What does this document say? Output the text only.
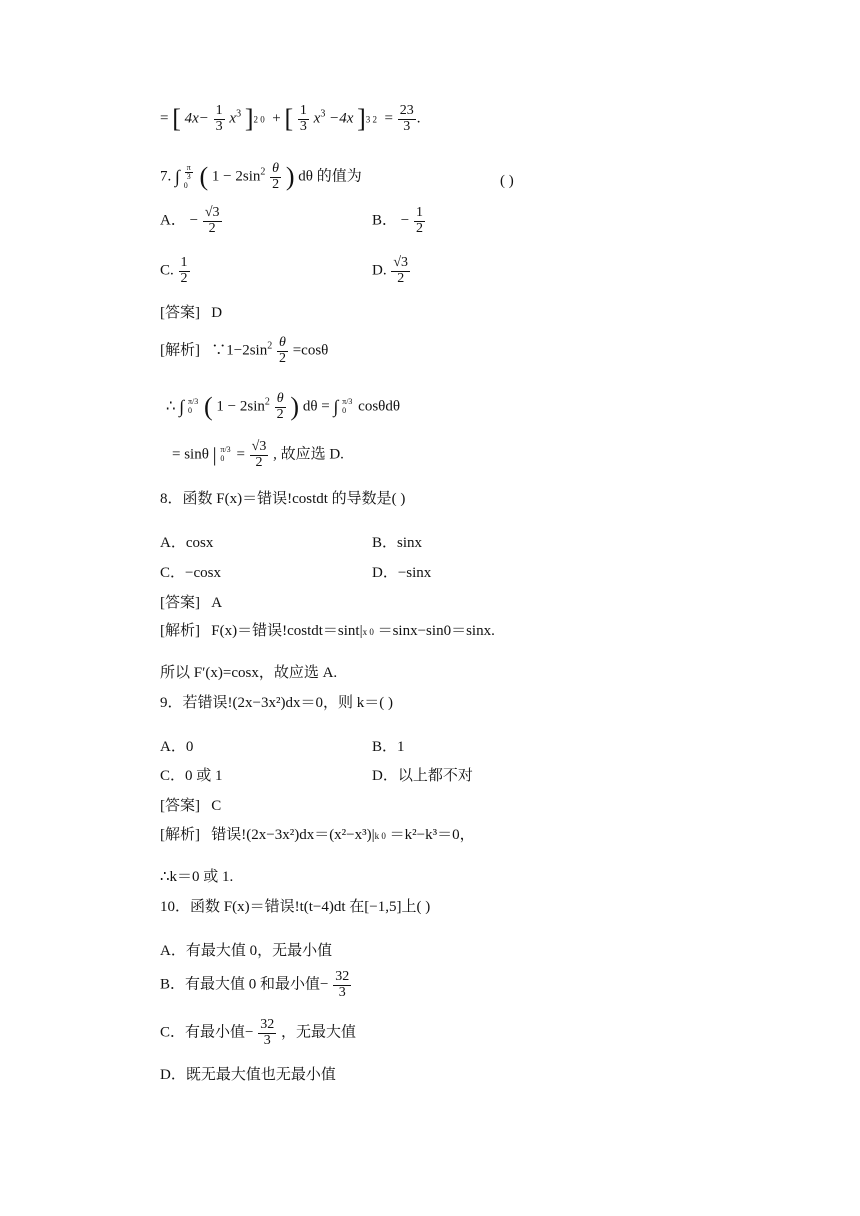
= [ $4x- \frac{1}{3} x^3$ ]2 0 + [ $\frac{1}{3} x^3 -4x$ ]3 $2 = \frac{23}{3}$ .
7. ∫ $\frac{\pi}{3}$
0 ( $1 - 2\sin^2 \frac{\theta}{2}$ ) dθ 的值为	( )
A． − $\frac{√3}{2}$	B． − $\frac{1}{2}$
C. $\frac{1}{2}$	D. $\frac{√3}{2}$
[答案] D
[解析] $\because 1-2\sin^2 \frac{\theta}{2} =\cos\theta$
∴ ∫ π/3
0 ( $1 - 2\sin^2 \frac{\theta}{2}$ ) dθ = ∫ π/3
0 cosθdθ
= sinθ | π/3
$0 = \frac{√3}{2}$ , 故应选 D.
8．函数 F(x)＝错误!costdt 的导数是( )
A．cosx	B．sinx
C．−cosx	D．−sinx
[答案] A
[解析] F(x)＝错误!costdt＝sint|x 0 ＝sinx−sin0＝sinx.
所以 F′(x)=cosx，故应选 A.
9．若错误!(2x−3x²)dx＝0，则 k＝( )
A．0	B．1
C．0 或 1	D．以上都不对
[答案] C
[解析] 错误!(2x−3x²)dx＝(x²−x³)|k 0 ＝k²−k³＝0，
∴k＝0 或 1.
10．函数 F(x)＝错误!t(t−4)dt 在[−1,5]上( )
A．有最大值 0，无最小值
B．有最大值 0 和最小值− $\frac{32}{3}$
C．有最小值− $\frac{32}{3}$ ，无最大值
D．既无最大值也无最小值
